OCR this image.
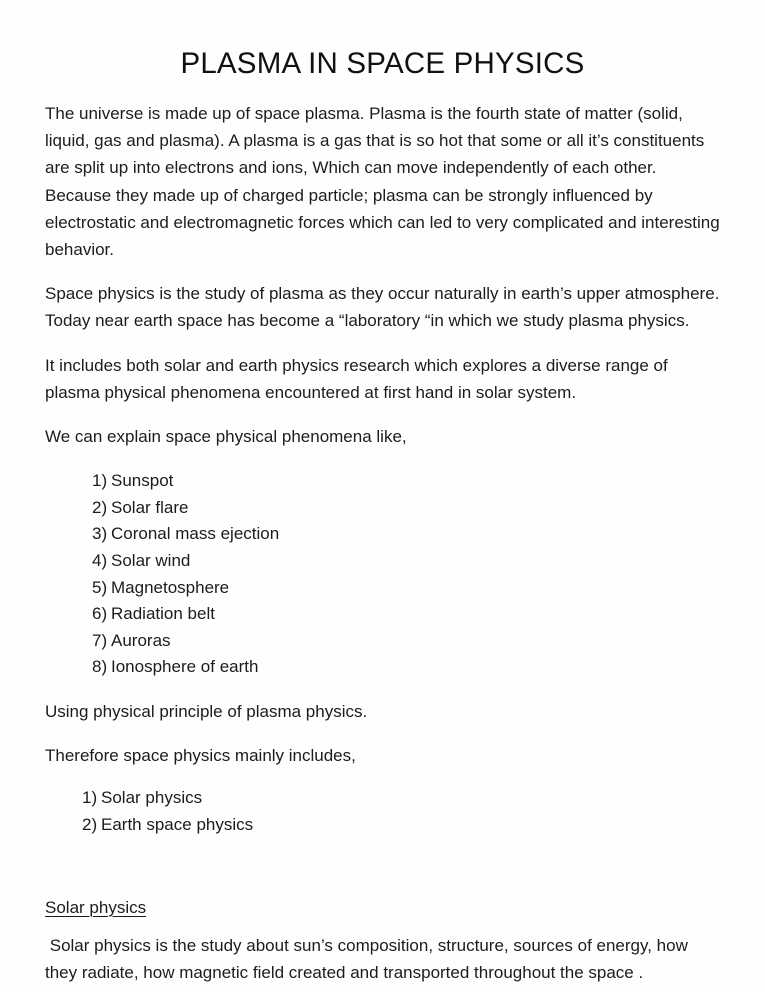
PLASMA IN SPACE PHYSICS

The universe is made up of space plasma. Plasma is the fourth state of matter (solid, liquid, gas and plasma). A plasma is a gas that is so hot that some or all it’s constituents are split up into electrons and ions, Which can move independently of each other. Because they made up of charged particle; plasma can be strongly influenced by electrostatic and electromagnetic forces which can led to very complicated and interesting behavior.

Space physics is the study of plasma as they occur naturally in earth’s upper atmosphere. Today near earth space has become a “laboratory “in which we study plasma physics.

It includes both solar and earth physics research which explores a diverse range of plasma physical phenomena encountered at first hand in solar system.

We can explain space physical phenomena like,

1) Sunspot
2) Solar flare
3) Coronal mass ejection
4) Solar wind
5) Magnetosphere
6) Radiation belt
7) Auroras
8) Ionosphere of earth

Using physical principle of plasma physics.

Therefore space physics mainly includes,

1) Solar physics
2) Earth space physics
Solar physics

Solar physics is the study about sun’s composition, structure, sources of energy, how they radiate, how magnetic field created and transported throughout the space .
